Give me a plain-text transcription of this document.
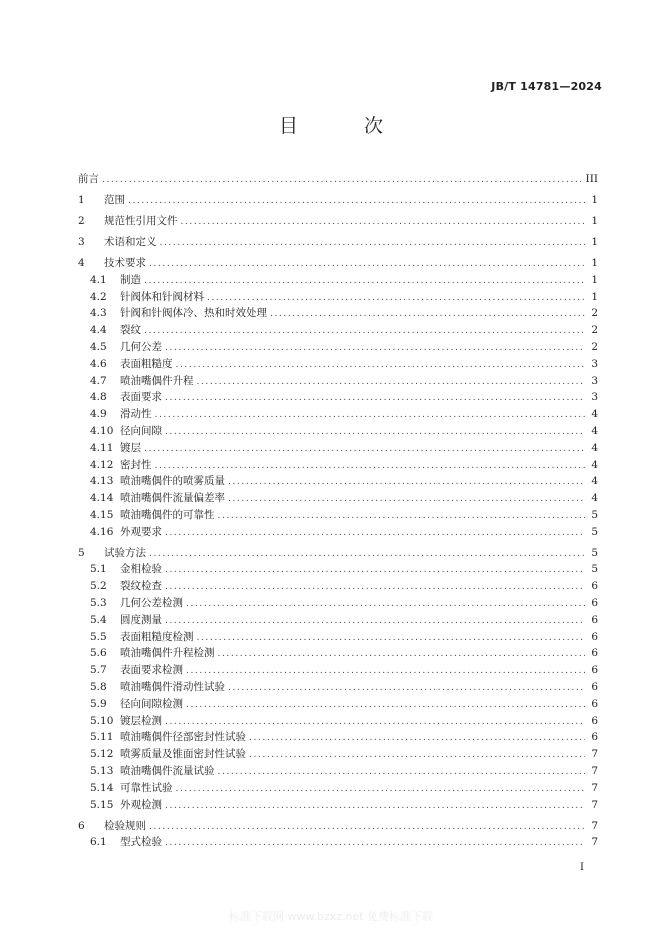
JB/T 14781—2024
目 次
前言 .....	III
1	范围 .....	1
2	规范性引用文件 .....	1
3	术语和定义 .....	1
4	技术要求 .....	1
4.1	制造 .....	1
4.2	针阀体和针阀材料 .....	1
4.3	针阀和针阀体冷、热和时效处理 .....	2
4.4	裂纹 .....	2
4.5	几何公差 .....	2
4.6	表面粗糙度 .....	3
4.7	喷油嘴偶件升程 .....	3
4.8	表面要求 .....	3
4.9	滑动性 .....	4
4.10 径向间隙 .....	4
4.11 镀层 .....	4
4.12 密封性 .....	4
4.13 喷油嘴偶件的喷雾质量 .....	4
4.14 喷油嘴偶件流量偏差率 .....	4
4.15 喷油嘴偶件的可靠性 .....	5
4.16 外观要求 .....	5
5	试验方法 .....	5
5.1	金相检验 .....	5
5.2	裂纹检查 .....	6
5.3	几何公差检测 .....	6
5.4	圆度测量 .....	6
5.5	表面粗糙度检测 .....	6
5.6	喷油嘴偶件升程检测 .....	6
5.7	表面要求检测 .....	6
5.8	喷油嘴偶件滑动性试验 .....	6
5.9	径向间隙检测 .....	6
5.10 镀层检测 .....	6
5.11 喷油嘴偶件径部密封性试验 .....	6
5.12 喷雾质量及锥面密封性试验 .....	7
5.13 喷油嘴偶件流量试验 .....	7
5.14 可靠性试验 .....	7
5.15 外观检测 .....	7
6	检验规则 .....	7
6.1	型式检验 .....	7
I
标准下载网 www.bzxz.net 免费标准下载
